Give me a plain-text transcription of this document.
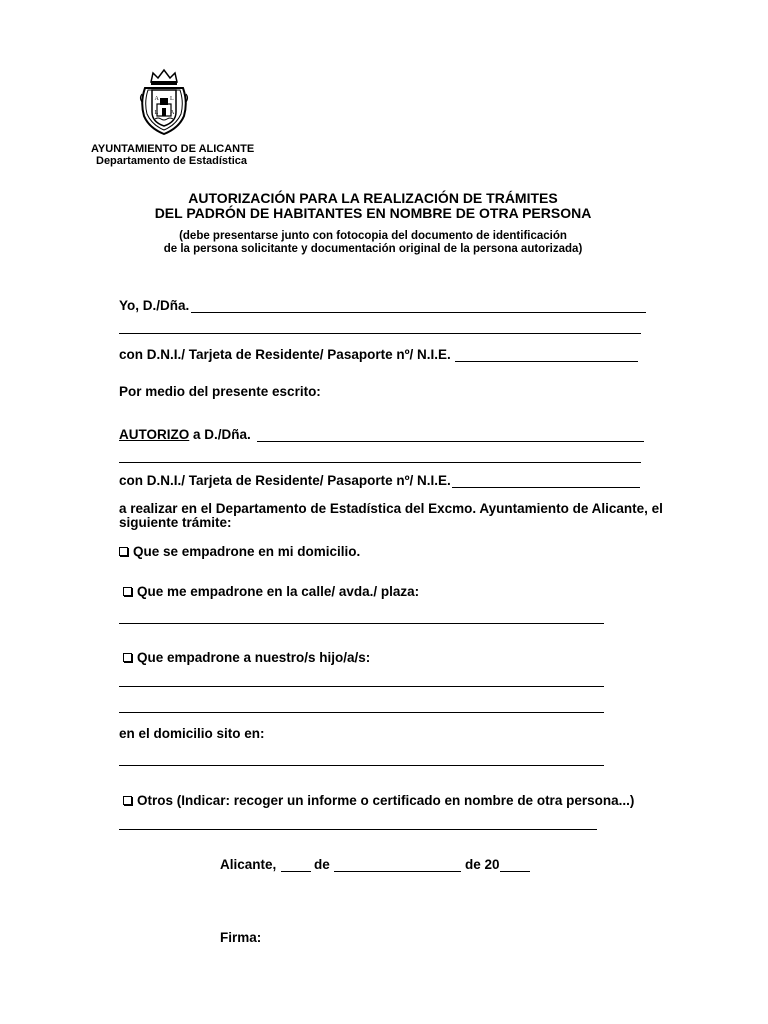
A L
L A
AYUNTAMIENTO DE ALICANTE
Departamento de Estadística
AUTORIZACIÓN PARA LA REALIZACIÓN DE TRÁMITES
DEL PADRÓN DE HABITANTES EN NOMBRE DE OTRA PERSONA
(debe presentarse junto con fotocopia del documento de identificación
de la persona solicitante y documentación original de la persona autorizada)
Yo, D./Dña.
con D.N.I./ Tarjeta de Residente/ Pasaporte nº/ N.I.E.
Por medio del presente escrito:
AUTORIZO a D./Dña.
con D.N.I./ Tarjeta de Residente/ Pasaporte nº/ N.I.E.
a realizar en el Departamento de Estadística del Excmo. Ayuntamiento de Alicante, el
siguiente trámite:
Que se empadrone en mi domicilio.
Que me empadrone en la calle/ avda./ plaza:
Que empadrone a nuestro/s hijo/a/s:
en el domicilio sito en:
Otros (Indicar: recoger un informe o certificado en nombre de otra persona...)
Alicante,	de	de 20
Firma:
